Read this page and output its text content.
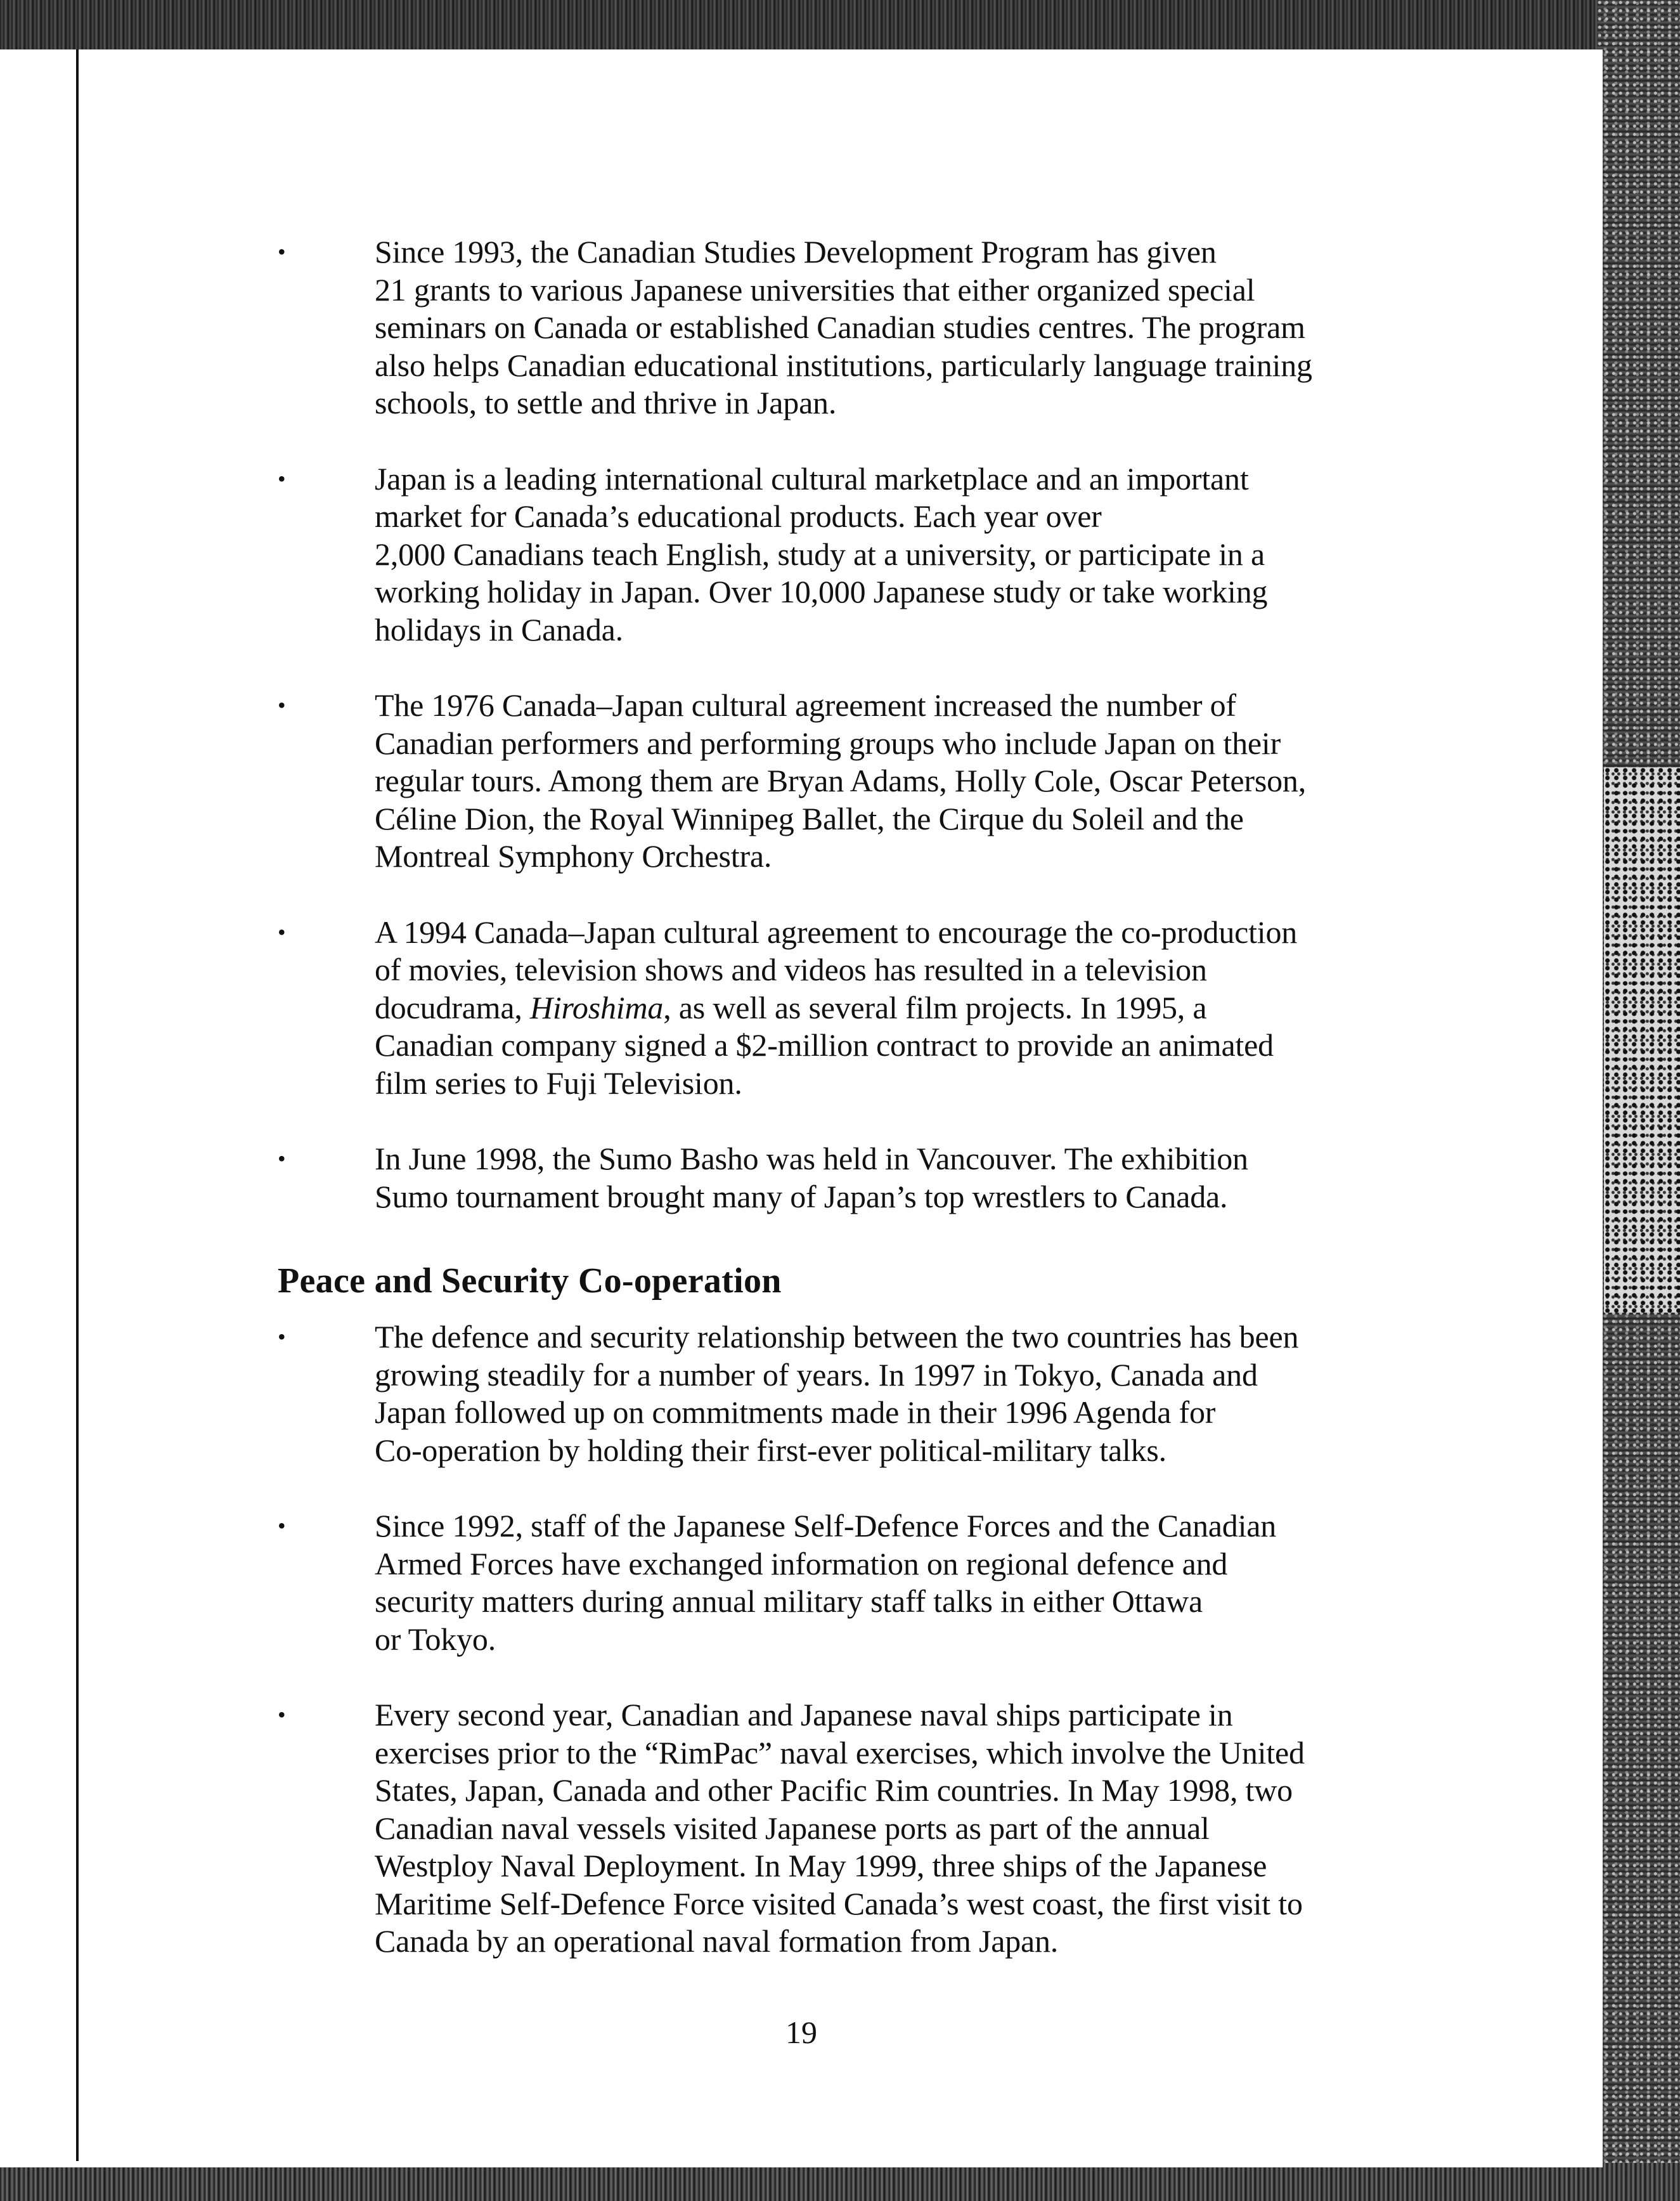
•	Since 1993, the Canadian Studies Development Program has given
21 grants to various Japanese universities that either organized special
seminars on Canada or established Canadian studies centres. The program
also helps Canadian educational institutions, particularly language training
schools, to settle and thrive in Japan.
•	Japan is a leading international cultural marketplace and an important
market for Canada’s educational products. Each year over
2,000 Canadians teach English, study at a university, or participate in a
working holiday in Japan. Over 10,000 Japanese study or take working
holidays in Canada.
•	The 1976 Canada–Japan cultural agreement increased the number of
Canadian performers and performing groups who include Japan on their
regular tours. Among them are Bryan Adams, Holly Cole, Oscar Peterson,
Céline Dion, the Royal Winnipeg Ballet, the Cirque du Soleil and the
Montreal Symphony Orchestra.
•	A 1994 Canada–Japan cultural agreement to encourage the co-production
of movies, television shows and videos has resulted in a television
docudrama, Hiroshima, as well as several film projects. In 1995, a
Canadian company signed a $2-million contract to provide an animated
film series to Fuji Television.
•	In June 1998, the Sumo Basho was held in Vancouver. The exhibition
Sumo tournament brought many of Japan’s top wrestlers to Canada.
Peace and Security Co-operation
•	The defence and security relationship between the two countries has been
growing steadily for a number of years. In 1997 in Tokyo, Canada and
Japan followed up on commitments made in their 1996 Agenda for
Co-operation by holding their first-ever political-military talks.
•	Since 1992, staff of the Japanese Self-Defence Forces and the Canadian
Armed Forces have exchanged information on regional defence and
security matters during annual military staff talks in either Ottawa
or Tokyo.
•	Every second year, Canadian and Japanese naval ships participate in
exercises prior to the “RimPac” naval exercises, which involve the United
States, Japan, Canada and other Pacific Rim countries. In May 1998, two
Canadian naval vessels visited Japanese ports as part of the annual
Westploy Naval Deployment. In May 1999, three ships of the Japanese
Maritime Self-Defence Force visited Canada’s west coast, the first visit to
Canada by an operational naval formation from Japan.
19
